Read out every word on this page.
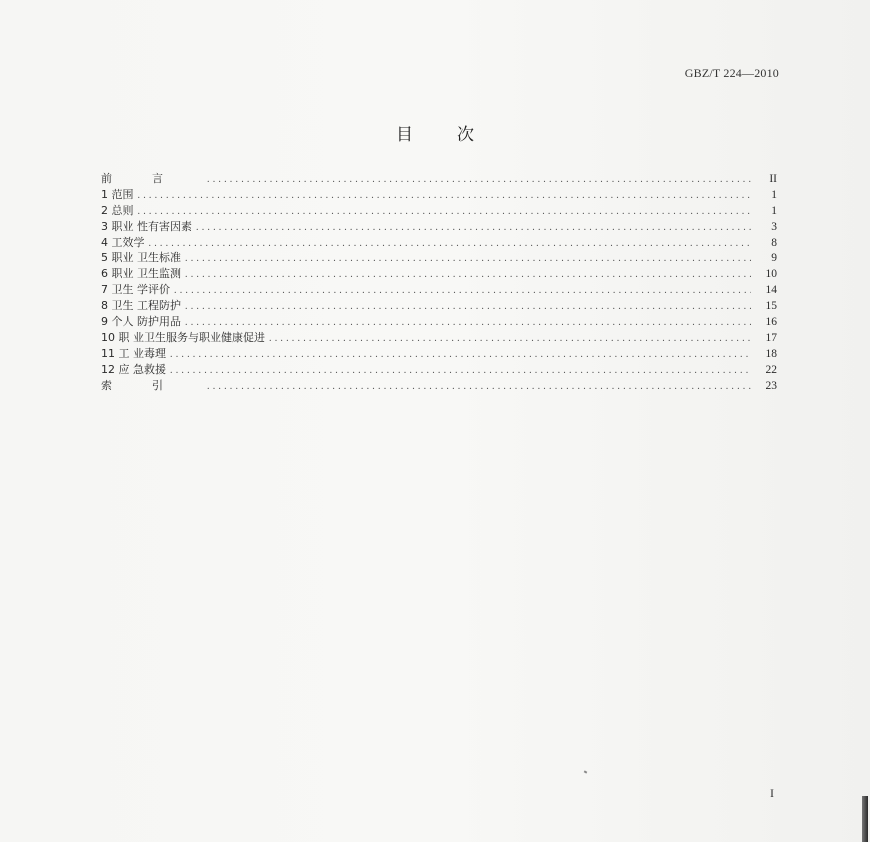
GBZ/T 224—2010
目次
前言 .....	II
1 范围 .....	1
2 总则 .....	1
3 职业 性有害因素 .....	3
4 工效学 .....	8
5 职业 卫生标准 .....	9
6 职业 卫生监测 .....	10
7 卫生 学评价 .....	14
8 卫生 工程防护 .....	15
9 个人 防护用品 .....	16
10 职 业卫生服务与职业健康促进 .....	17
11 工 业毒理 .....	18
12 应 急救援 .....	22
索引 .....	23
I
